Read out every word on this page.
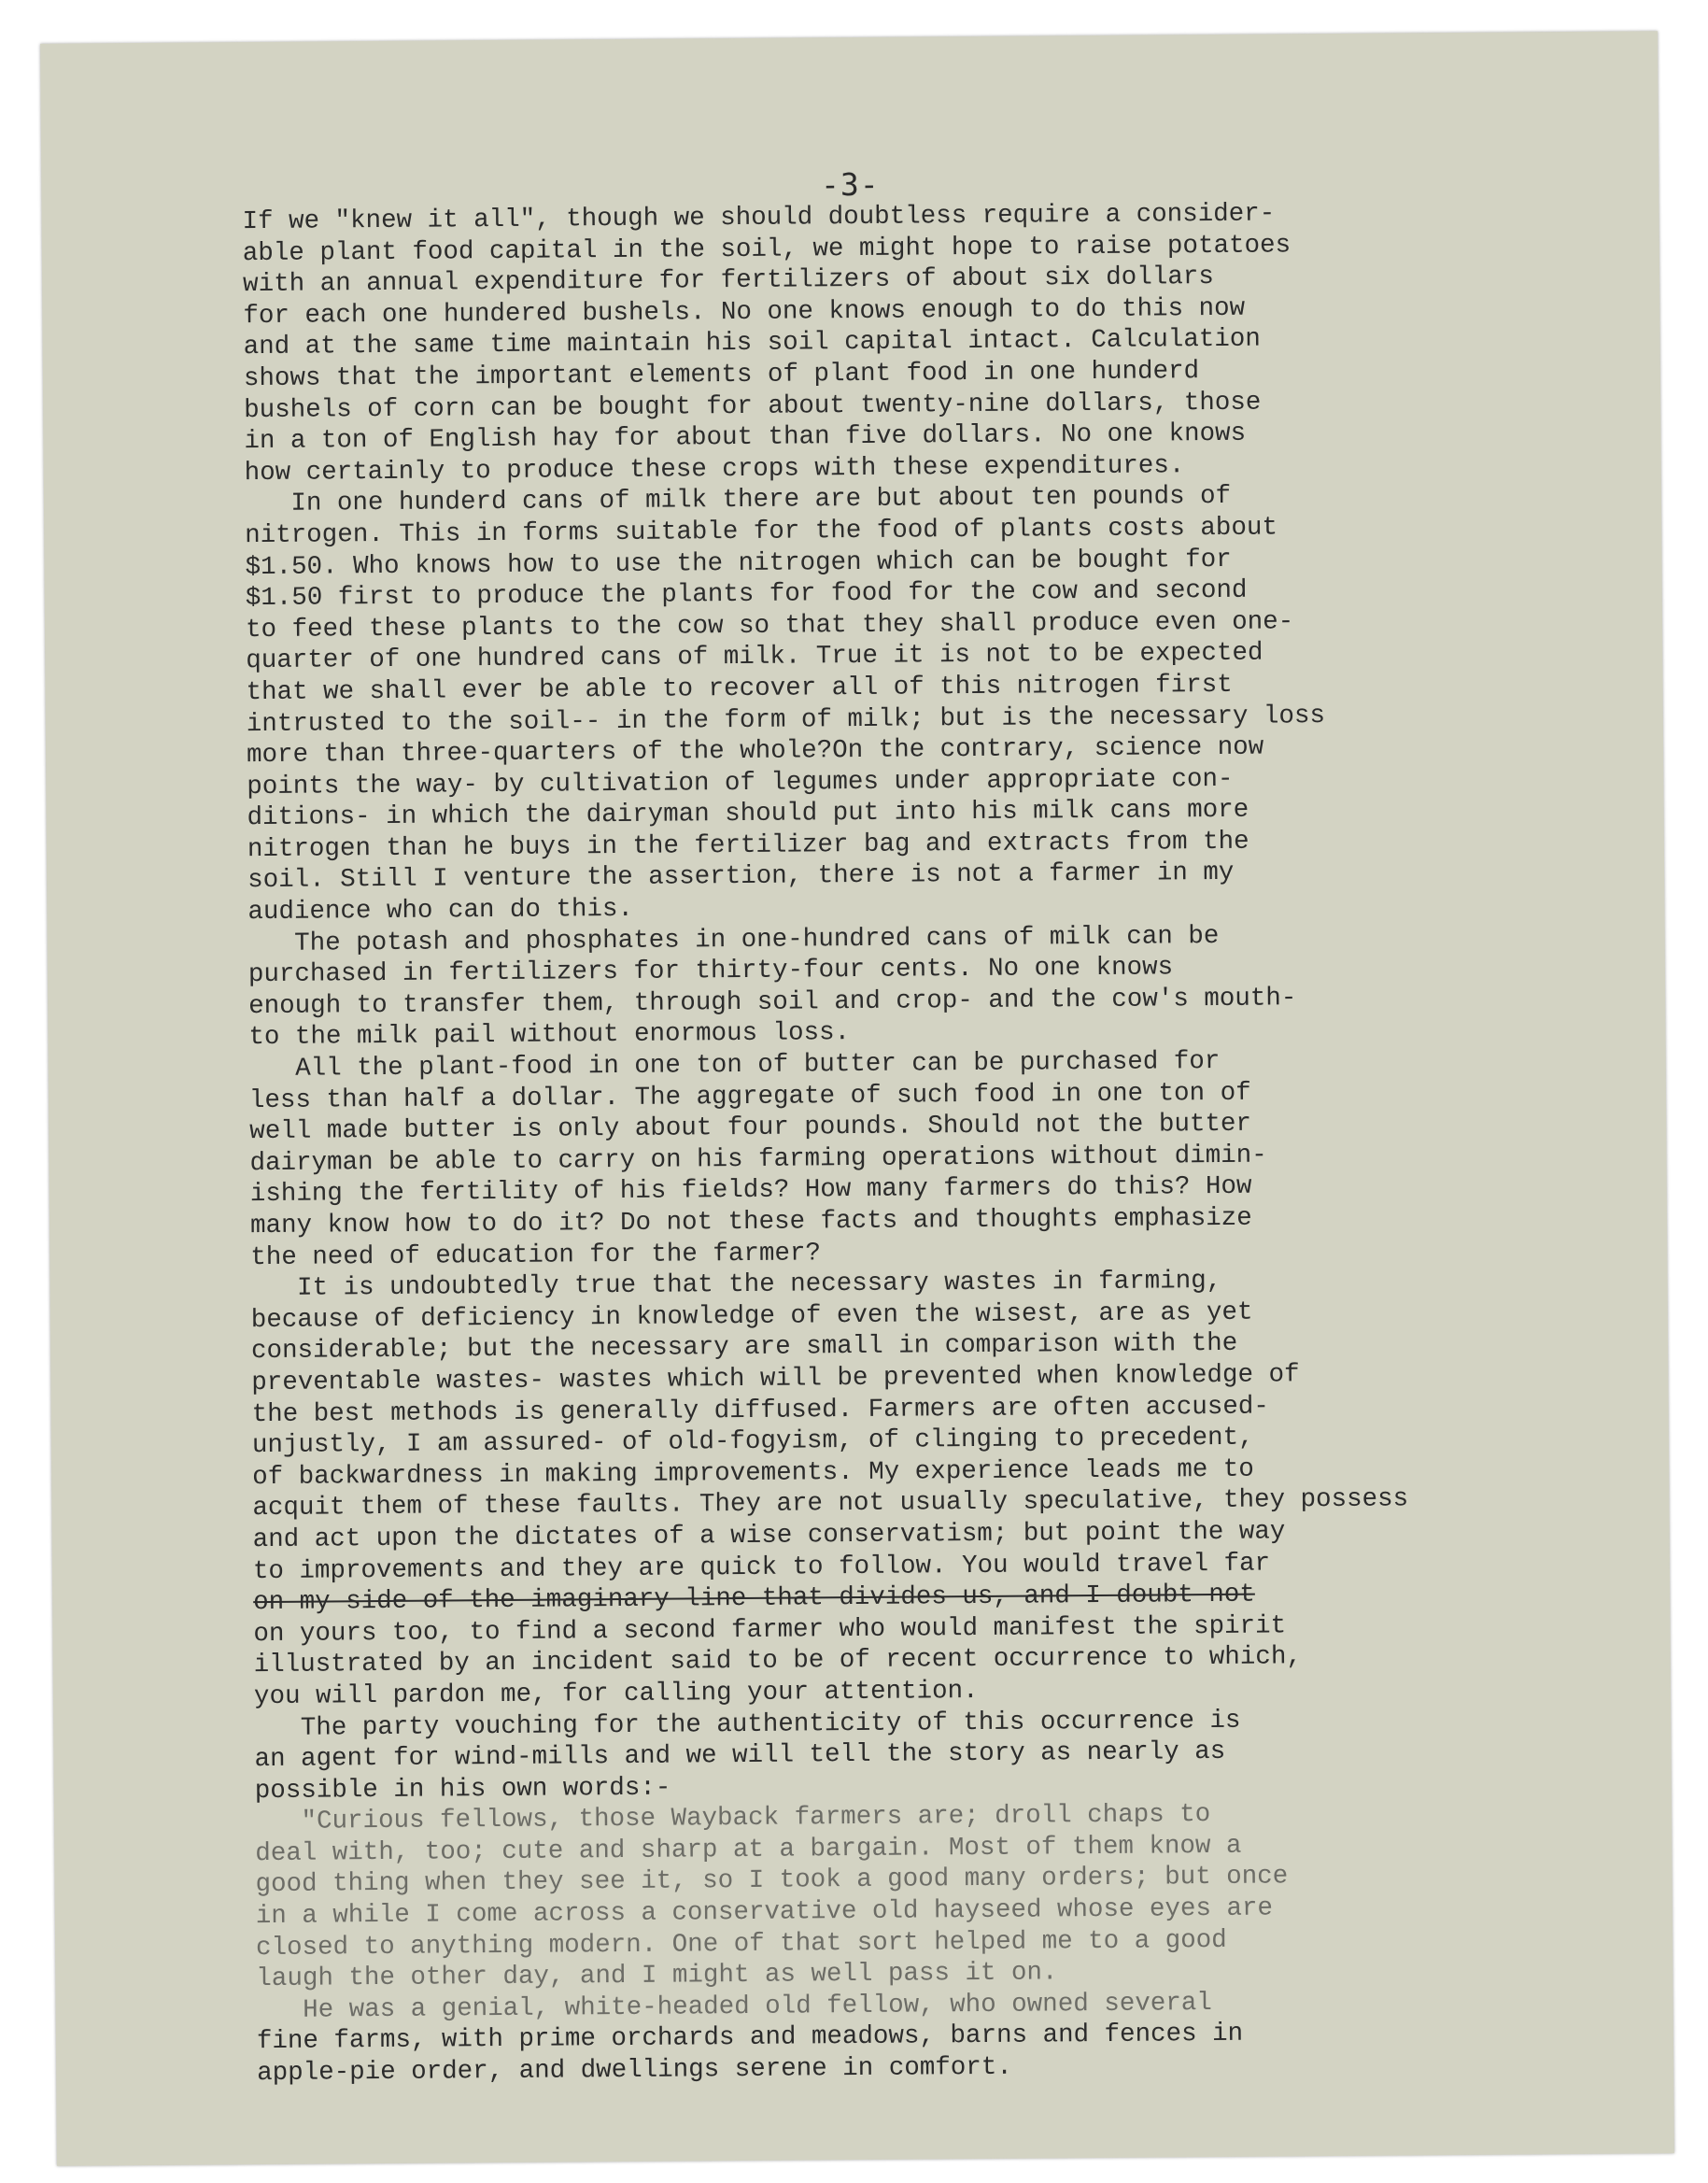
-3-
If we "knew it all", though we should doubtless require a consider-
able plant food capital in the soil, we might hope to raise potatoes
with an annual expenditure for fertilizers of about six dollars
for each one hundered bushels. No one knows enough to do this now
and at the same time maintain his soil capital intact. Calculation
shows that the important elements of plant food in one hunderd
bushels of corn can be bought for about twenty-nine dollars, those
in a ton of English hay for about than five dollars. No one knows
how certainly to produce these crops with these expenditures.
In one hunderd cans of milk there are but about ten pounds of
nitrogen. This in forms suitable for the food of plants costs about
$1.50. Who knows how to use the nitrogen which can be bought for
$1.50 first to produce the plants for food for the cow and second
to feed these plants to the cow so that they shall produce even one-
quarter of one hundred cans of milk. True it is not to be expected
that we shall ever be able to recover all of this nitrogen first
intrusted to the soil-- in the form of milk; but is the necessary loss
more than three-quarters of the whole?On the contrary, science now
points the way- by cultivation of legumes under appropriate con-
ditions- in which the dairyman should put into his milk cans more
nitrogen than he buys in the fertilizer bag and extracts from the
soil. Still I venture the assertion, there is not a farmer in my
audience who can do this.
The potash and phosphates in one-hundred cans of milk can be
purchased in fertilizers for thirty-four cents. No one knows
enough to transfer them, through soil and crop- and the cow's mouth-
to the milk pail without enormous loss.
All the plant-food in one ton of butter can be purchased for
less than half a dollar. The aggregate of such food in one ton of
well made butter is only about four pounds. Should not the butter
dairyman be able to carry on his farming operations without dimin-
ishing the fertility of his fields? How many farmers do this? How
many know how to do it? Do not these facts and thoughts emphasize
the need of education for the farmer?
It is undoubtedly true that the necessary wastes in farming,
because of deficiency in knowledge of even the wisest, are as yet
considerable; but the necessary are small in comparison with the
preventable wastes- wastes which will be prevented when knowledge of
the best methods is generally diffused. Farmers are often accused-
unjustly, I am assured- of old-fogyism, of clinging to precedent,
of backwardness in making improvements. My experience leads me to
acquit them of these faults. They are not usually speculative, they possess
and act upon the dictates of a wise conservatism; but point the way
to improvements and they are quick to follow. You would travel far
on my side of the imaginary line that divides us, and I doubt not
on yours too, to find a second farmer who would manifest the spirit
illustrated by an incident said to be of recent occurrence to which,
you will pardon me, for calling your attention.
The party vouching for the authenticity of this occurrence is
an agent for wind-mills and we will tell the story as nearly as
possible in his own words:-
"Curious fellows, those Wayback farmers are; droll chaps to
deal with, too; cute and sharp at a bargain. Most of them know a
good thing when they see it, so I took a good many orders; but once
in a while I come across a conservative old hayseed whose eyes are
closed to anything modern. One of that sort helped me to a good
laugh the other day, and I might as well pass it on.
He was a genial, white-headed old fellow, who owned several
fine farms, with prime orchards and meadows, barns and fences in
apple-pie order, and dwellings serene in comfort.
